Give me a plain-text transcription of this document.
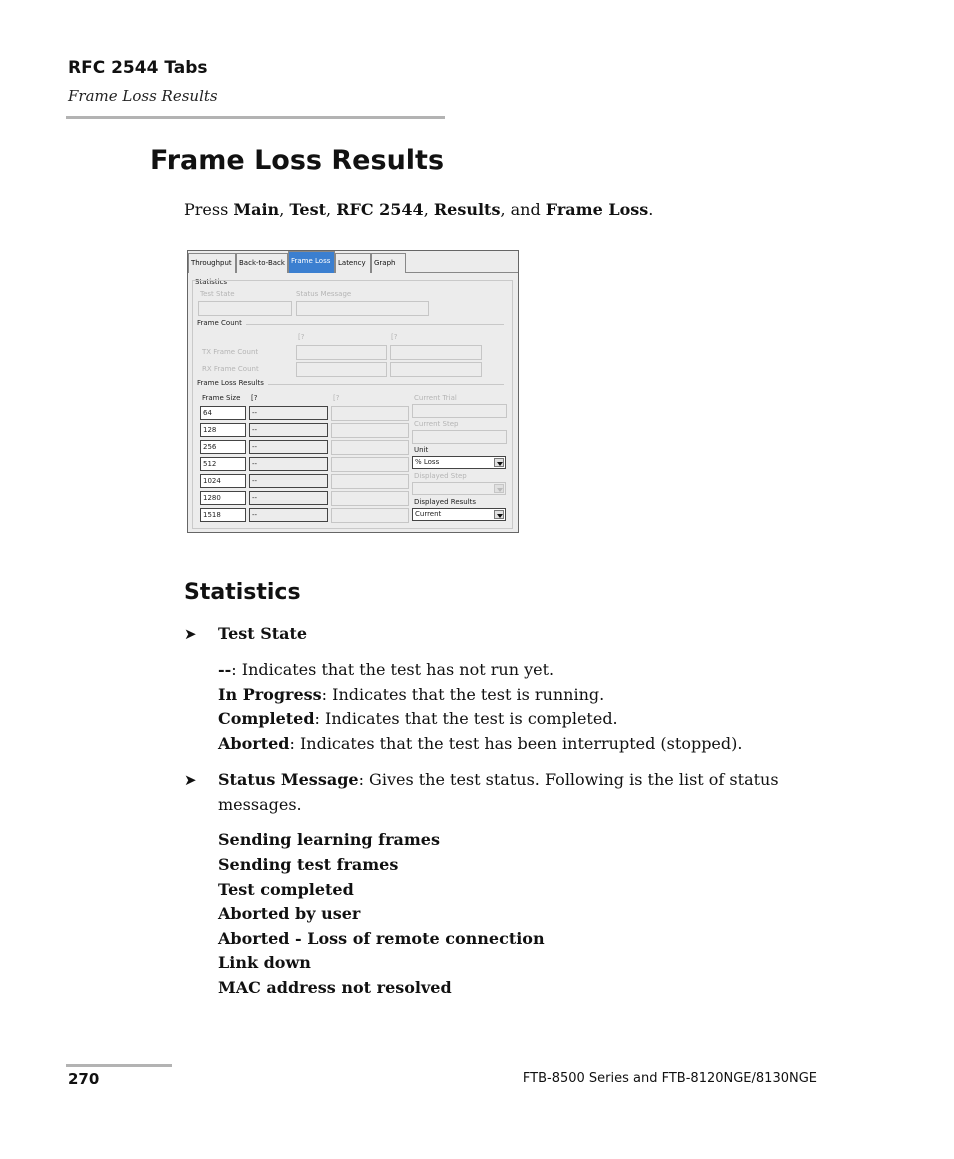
RFC 2544 Tabs
Frame Loss Results
Frame Loss Results
Press Main, Test, RFC 2544, Results, and Frame Loss.
Throughput	Back-to-Back Frame Loss	Latency	Graph
Statistics
Test State	Status Message
Frame Count
[?	[?
TX Frame Count
RX Frame Count
Frame Loss Results
Frame Size [?	[?
64	--
128	--
256	--
512	--
1024	--
1280	--
1518	--
Current Trial
Current Step
Unit
% Loss
Displayed Step
Displayed Results
Current
Statistics
➤ Test State
--: Indicates that the test has not run yet.
In Progress: Indicates that the test is running.
Completed: Indicates that the test is completed.
Aborted: Indicates that the test has been interrupted (stopped).
➤ Status Message: Gives the test status. Following is the list of status
messages.
Sending learning frames
Sending test frames
Test completed
Aborted by user
Aborted - Loss of remote connection
Link down
MAC address not resolved
270	FTB-8500 Series and FTB-8120NGE/8130NGE
